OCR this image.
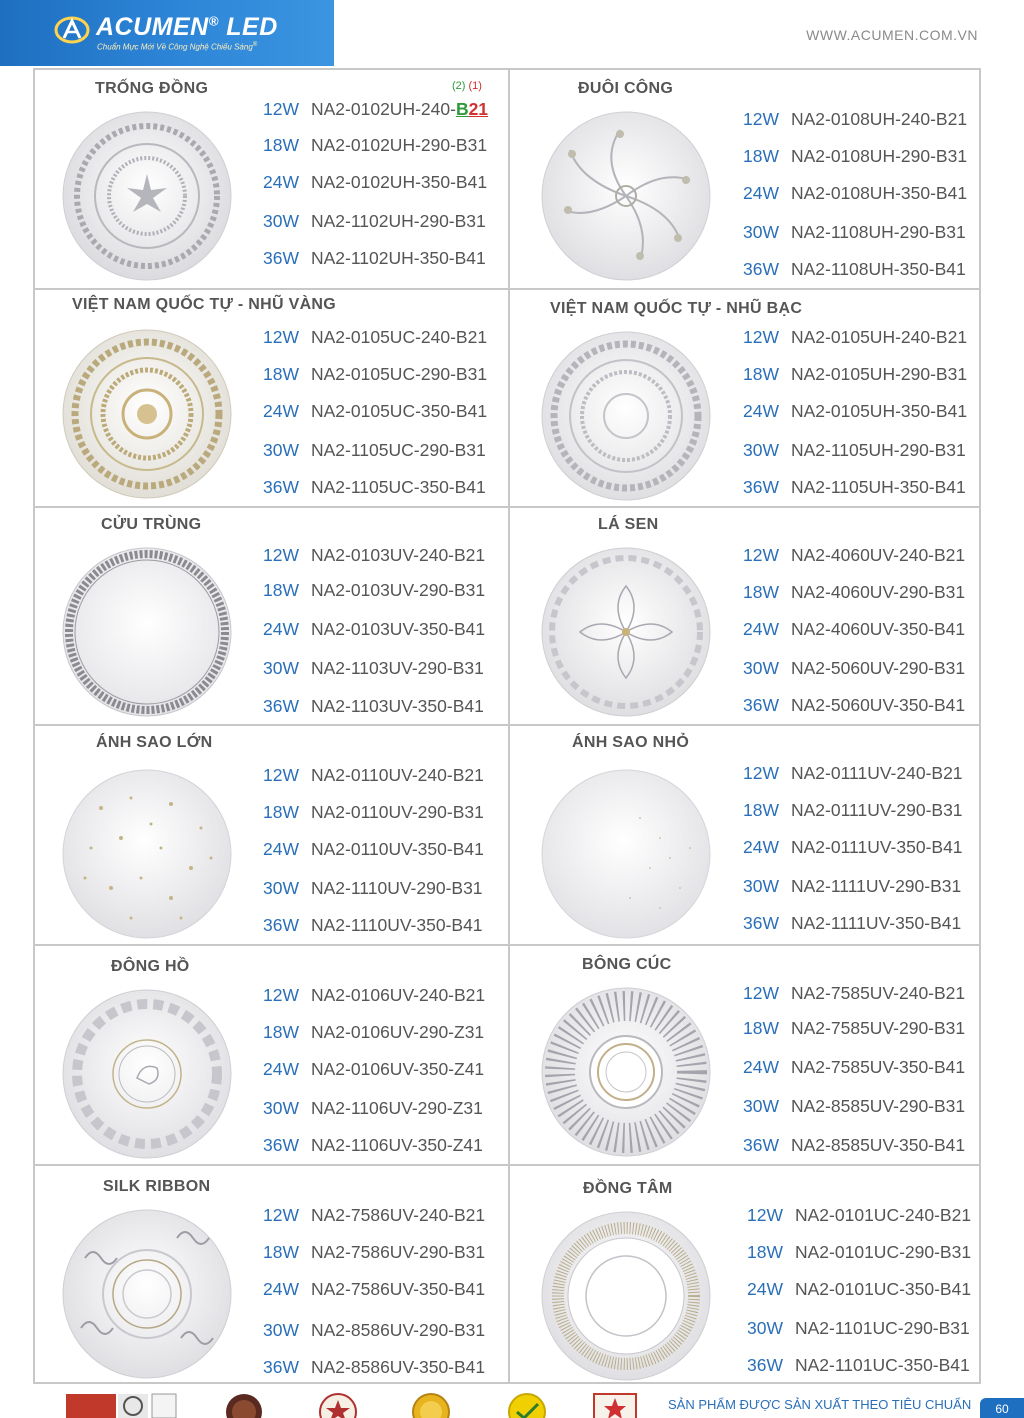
ACUMEN® LED
Chuẩn Mực Mới Về Công Nghệ Chiếu Sáng®
WWW.ACUMEN.COM.VN
TRỐNG ĐỒNG	(2) (1)
12W NA2-0102UH-240-B21
18W NA2-0102UH-290-B31
24W NA2-0102UH-350-B41
30W NA2-1102UH-290-B31
36W NA2-1102UH-350-B41
ĐUÔI CÔNG
12W NA2-0108UH-240-B21
18W NA2-0108UH-290-B31
24W NA2-0108UH-350-B41
30W NA2-1108UH-290-B31
36W NA2-1108UH-350-B41
VIỆT NAM QUỐC TỰ - NHŨ VÀNG
12W NA2-0105UC-240-B21
18W NA2-0105UC-290-B31
24W NA2-0105UC-350-B41
30W NA2-1105UC-290-B31
36W NA2-1105UC-350-B41
VIỆT NAM QUỐC TỰ - NHŨ BẠC
12W NA2-0105UH-240-B21
18W NA2-0105UH-290-B31
24W NA2-0105UH-350-B41
30W NA2-1105UH-290-B31
36W NA2-1105UH-350-B41
CỬU TRÙNG
12W NA2-0103UV-240-B21
18W NA2-0103UV-290-B31
24W NA2-0103UV-350-B41
30W NA2-1103UV-290-B31
36W NA2-1103UV-350-B41
LÁ SEN
12W NA2-4060UV-240-B21
18W NA2-4060UV-290-B31
24W NA2-4060UV-350-B41
30W NA2-5060UV-290-B31
36W NA2-5060UV-350-B41
ÁNH SAO LỚN
12W NA2-0110UV-240-B21
18W NA2-0110UV-290-B31
24W NA2-0110UV-350-B41
30W NA2-1110UV-290-B31
36W NA2-1110UV-350-B41
ÁNH SAO NHỎ
12W NA2-0111UV-240-B21
18W NA2-0111UV-290-B31
24W NA2-0111UV-350-B41
30W NA2-1111UV-290-B31
36W NA2-1111UV-350-B41
ĐÔNG HỒ
12W NA2-0106UV-240-B21
18W NA2-0106UV-290-Z31
24W NA2-0106UV-350-Z41
30W NA2-1106UV-290-Z31
36W NA2-1106UV-350-Z41
BÔNG CÚC
12W NA2-7585UV-240-B21
18W NA2-7585UV-290-B31
24W NA2-7585UV-350-B41
30W NA2-8585UV-290-B31
36W NA2-8585UV-350-B41
SILK RIBBON
12W NA2-7586UV-240-B21
18W NA2-7586UV-290-B31
24W NA2-7586UV-350-B41
30W NA2-8586UV-290-B31
36W NA2-8586UV-350-B41
ĐỒNG TÂM
12W NA2-0101UC-240-B21
18W NA2-0101UC-290-B31
24W NA2-0101UC-350-B41
30W NA2-1101UC-290-B31
36W NA2-1101UC-350-B41
SẢN PHẨM ĐƯỢC SẢN XUẤT THEO TIÊU CHUẨN	60
